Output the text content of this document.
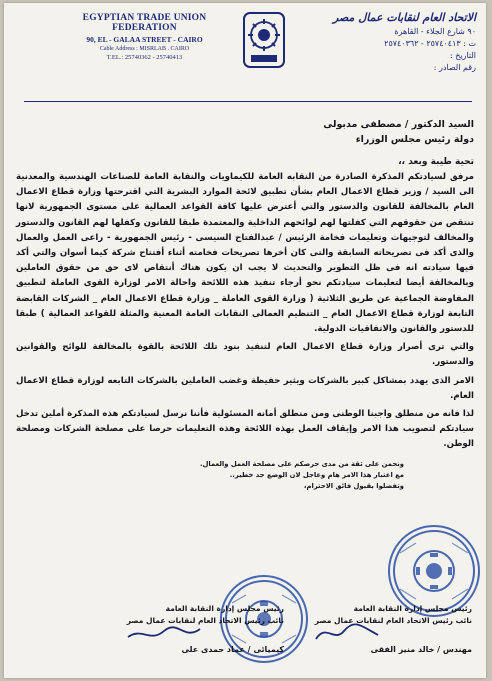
EGYPTIAN TRADE UNION FEDERATION
90, EL - GALAA STREET - CAIRO
Cable Address : MISRLAB . CAIRO
T.EL.: 25740362 - 25740413
الاتحاد العام لنقابات عمال مصر
٩٠ شارع الجلاء - القاهرة
ت : ٢٥٧٤٠٤١٣ - ٢٥٧٤٠٣٦٢
التاريخ :
رقم الصادر :

السيد الدكتور / مصطفى مدبولى

دولة رئيس مجلس الوزراء

تحية طيبة وبعد ،،
مرفق لسيادتكم المذكرة الصادرة من النقابه العامة للكيماويات والنقابة العامة للصناعات الهندسية والمعدنية الى السيد / وزير قطاع الاعمال العام بشأن تطبيق لائحة الموارد البشرية التي اقترحتها وزارة قطاع الاعمال العام بالمخالفة للقانون والدستور والتي أعترض عليها كافة القواعد العمالية على مستوى الجمهورية لانها تنتقص من حقوقهم التي كفلتها لهم لوائحهم الداخلية والمعتمدة طبقا للقانون وكفلها لهم القانون والدستور والمخالف لتوجيهات وتعليمات فخامة الرئيس / عبدالفتاح السيسى - رئيس الجمهورية - راعى العمل والعمال والذى أكد فى تصريحاته السابقة والتى كان أخرها تصريحات فخامته أثناء أفتتاح شركة كيما أسوان والتي أكد فيها سيادته انه فى ظل التطوير والتحديث لا يجب ان يكون هناك أنتقاص لاى حق من حقوق العاملين وبالمخالفة أيضا لتعليمات سيادتكم نحو أرجاء تنفيذ هذه اللائحة واحالة الامر لوزارة القوى العاملة لتطبيق المفاوضة الجماعية عن طريق الثلاثية ( وزارة القوى العاملة _ وزارة قطاع الاعمال العام _ الشركات القابضة التابعة لوزارة قطاع الاعمال العام _ التنظيم العمالى النقابات العامة المعنية والمثلة للقواعد العمالية ) طبقا للدستور والقانون والاتفاقيات الدولية.
والتي ترى أصرار وزارة قطاع الاعمال العام لتنفيذ بنود تلك اللائحة بالقوة بالمخالفة للوائح والقوانين والدستور.
الامر الذى يهدد بمشاكل كبير بالشركات ويثير حفيظة وغضب العاملين بالشركات التابعه لوزارة قطاع الاعمال العام.
لذا فانه من منطلق واجبنا الوطنى ومن منطلق أمانه المسئولية فأننا نرسل لسيادتكم هذه المذكرة أملين تدخل سيادتكم لتصويب هذا الامر وإيقاف العمل بهذه اللائحة وهذه التعليمات حرصا على مصلحة الشركات ومصلحة الوطن.
ونحمن على ثقة من مدى حرصكم على مصلحة العمل والعمال.
مع اعتبار هذا الامر هام وعاجل لان الوضع جد خطير..
وتفضلوا بقبول فائق الاحترام،
رئيس مجلس إدارة النقابة العامة
نائب رئيس الاتحاد العام لنقابات عمال مصر
مهندس / خالد منير الفقى
رئيس مجلس إدارة النقابة العامة
نائب رئيس الاتحاد العام لنقابات عمال مصر
كيميائى / عماد حمدى على
